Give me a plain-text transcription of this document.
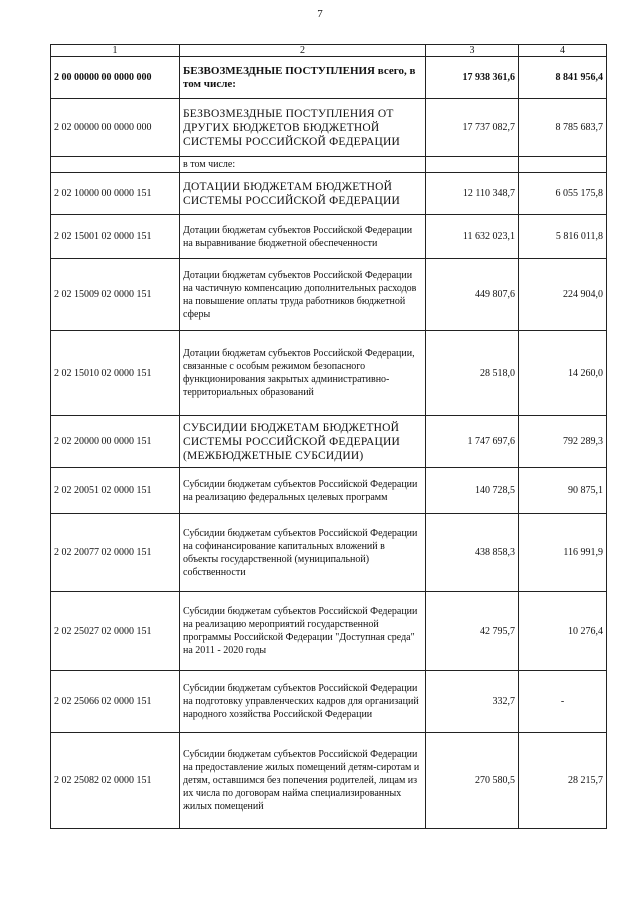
7
1	2	3	4
2 00 00000 00 0000 000	БЕЗВОЗМЕЗДНЫЕ ПОСТУПЛЕНИЯ всего, в том числе:	17 938 361,6	8 841 956,4
2 02 00000 00 0000 000	БЕЗВОЗМЕЗДНЫЕ ПОСТУПЛЕНИЯ ОТ ДРУГИХ БЮДЖЕТОВ БЮДЖЕТНОЙ СИСТЕМЫ РОССИЙСКОЙ ФЕДЕРАЦИИ	17 737 082,7	8 785 683,7
	в том числе:		
2 02 10000 00 0000 151	ДОТАЦИИ БЮДЖЕТАМ БЮДЖЕТНОЙ СИСТЕМЫ РОССИЙСКОЙ ФЕДЕРАЦИИ	12 110 348,7	6 055 175,8
2 02 15001 02 0000 151	Дотации бюджетам субъектов Российской Федерации на выравнивание бюджетной обеспеченности	11 632 023,1	5 816 011,8
2 02 15009 02 0000 151	Дотации бюджетам субъектов Российской Федерации на частичную компенсацию дополнительных расходов на повышение оплаты труда работников бюджетной сферы	449 807,6	224 904,0
2 02 15010 02 0000 151	Дотации бюджетам субъектов Российской Федерации, связанные с особым режимом безопасного функционирования закрытых административно-территориальных образований	28 518,0	14 260,0
2 02 20000 00 0000 151	СУБСИДИИ БЮДЖЕТАМ БЮДЖЕТНОЙ СИСТЕМЫ РОССИЙСКОЙ ФЕДЕРАЦИИ (МЕЖБЮДЖЕТНЫЕ СУБСИДИИ)	1 747 697,6	792 289,3
2 02 20051 02 0000 151	Субсидии бюджетам субъектов Российской Федерации на реализацию федеральных целевых программ	140 728,5	90 875,1
2 02 20077 02 0000 151	Субсидии бюджетам субъектов Российской Федерации на софинансирование капитальных вложений в объекты государственной (муниципальной) собственности	438 858,3	116 991,9
2 02 25027 02 0000 151	Субсидии бюджетам субъектов Российской Федерации на реализацию мероприятий государственной программы Российской Федерации "Доступная среда" на 2011 - 2020 годы	42 795,7	10 276,4
2 02 25066 02 0000 151	Субсидии бюджетам субъектов Российской Федерации на подготовку управленческих кадров для организаций народного хозяйства Российской Федерации	332,7	-
2 02 25082 02 0000 151	Субсидии бюджетам субъектов Российской Федерации на предоставление жилых помещений детям-сиротам и детям, оставшимся без попечения родителей, лицам из их числа по договорам найма специализированных жилых помещений	270 580,5	28 215,7
